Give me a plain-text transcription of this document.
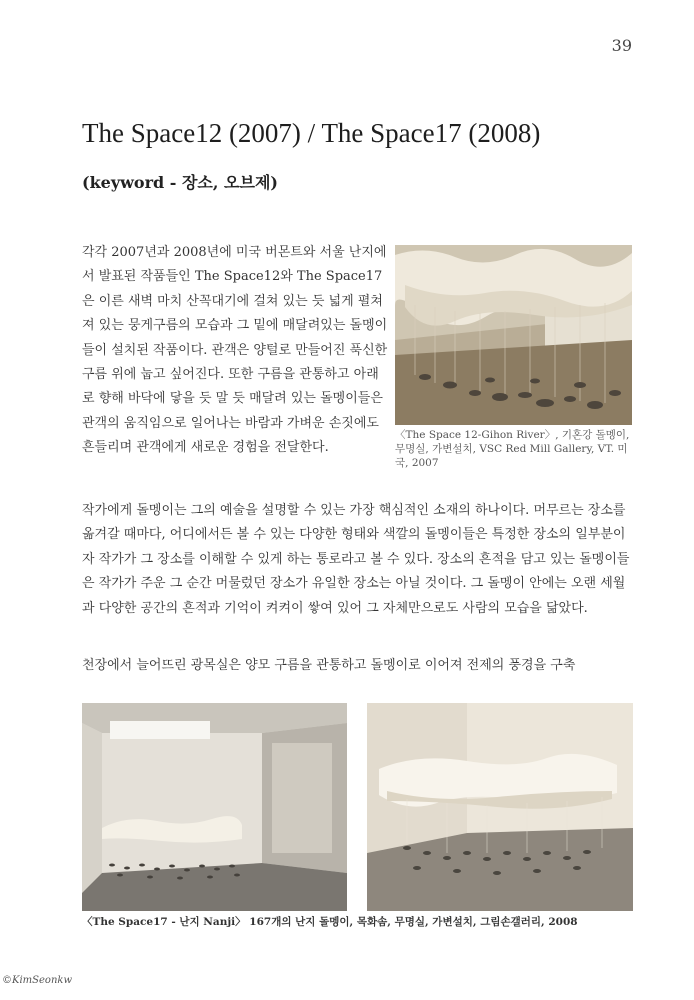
39
The Space12 (2007) / The Space17 (2008)
(keyword - 장소, 오브제)

각각 2007년과 2008년에 미국 버몬트와 서울 난지에서 발표된 작품들인 The Space12와 The Space17은 이른 새벽 마치 산꼭대기에 걸쳐 있는 듯 넓게 펼쳐져 있는 뭉게구름의 모습과 그 밑에 매달려있는 돌멩이들이 설치된 작품이다. 관객은 양털로 만들어진 푹신한 구름 위에 눕고 싶어진다. 또한 구름을 관통하고 아래로 향해 바닥에 닿을 듯 말 듯 매달려 있는 돌멩이들은 관객의 움직임으로 일어나는 바람과 가벼운 손짓에도 흔들리며 관객에게 새로운 경험을 전달한다.

〈The Space 12-Gihon River〉, 기혼강 돌멩이, 무명실, 가변설치, VSC Red Mill Gallery, VT. 미국, 2007

작가에게 돌멩이는 그의 예술을 설명할 수 있는 가장 핵심적인 소재의 하나이다. 머무르는 장소를 옮겨갈 때마다, 어디에서든 볼 수 있는 다양한 형태와 색깔의 돌멩이들은 특정한 장소의 일부분이자 작가가 그 장소를 이해할 수 있게 하는 통로라고 볼 수 있다. 장소의 흔적을 담고 있는 돌멩이들은 작가가 주운 그 순간 머물렀던 장소가 유일한 장소는 아닐 것이다. 그 돌멩이 안에는 오랜 세월과 다양한 공간의 흔적과 기억이 켜켜이 쌓여 있어 그 자체만으로도 사람의 모습을 닮았다.

천장에서 늘어뜨린 광목실은 양모 구름을 관통하고 돌멩이로 이어져 전제의 풍경을 구축

〈The Space17 - 난지 Nanji〉 167개의 난지 돌멩이, 목화솜, 무명실, 가변설치, 그림손갤러리, 2008

©KimSeonkw
